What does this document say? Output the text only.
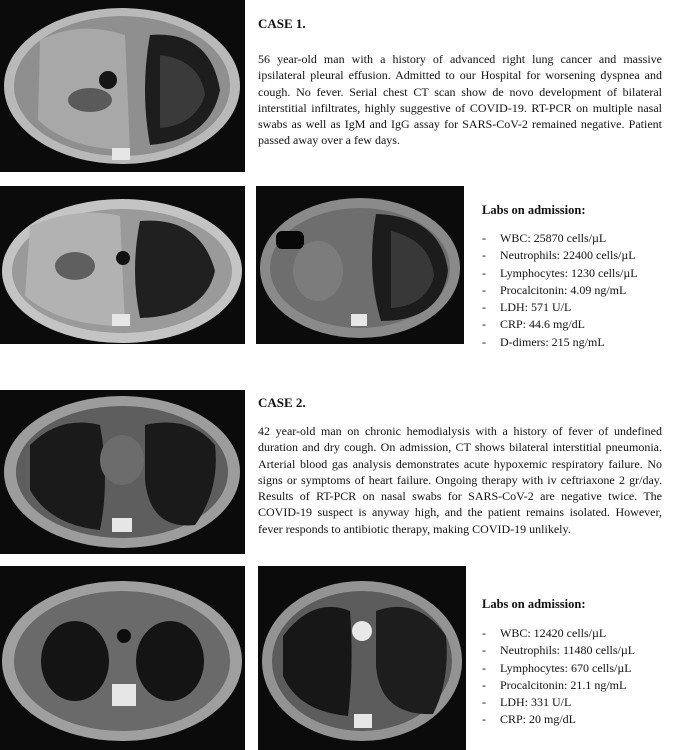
CASE 1.
56 year-old man with a history of advanced right lung cancer and massive ipsilateral pleural effusion. Admitted to our Hospital for worsening dyspnea and cough. No fever. Serial chest CT scan show de novo development of bilateral interstitial infiltrates, highly suggestive of COVID-19. RT-PCR on multiple nasal swabs as well as IgM and IgG assay for SARS-CoV-2 remained negative. Patient passed away over a few days.
Labs on admission:
- WBC: 25870 cells/µL
- Neutrophils: 22400 cells/µL
- Lymphocytes: 1230 cells/µL
- Procalcitonin: 4.09 ng/mL
- LDH: 571 U/L
- CRP: 44.6 mg/dL
- D-dimers: 215 ng/mL
CASE 2.
42 year-old man on chronic hemodialysis with a history of fever of undefined duration and dry cough. On admission, CT shows bilateral interstitial pneumonia. Arterial blood gas analysis demonstrates acute hypoxemic respiratory failure. No signs or symptoms of heart failure. Ongoing therapy with iv ceftriaxone 2 gr/day. Results of RT-PCR on nasal swabs for SARS-CoV-2 are negative twice. The COVID-19 suspect is anyway high, and the patient remains isolated. However, fever responds to antibiotic therapy, making COVID-19 unlikely.
Labs on admission:
- WBC: 12420 cells/µL
- Neutrophils: 11480 cells/µL
- Lymphocytes: 670 cells/µL
- Procalcitonin: 21.1 ng/mL
- LDH: 331 U/L
- CRP: 20 mg/dL
